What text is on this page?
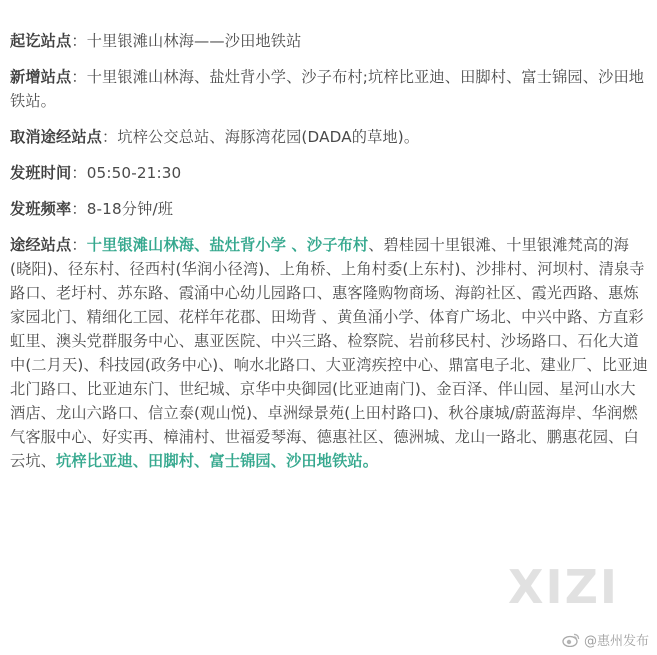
起讫站点：十里银滩山林海——沙田地铁站
新增站点：十里银滩山林海、盐灶背小学、沙子布村;坑梓比亚迪、田脚村、富士锦园、沙田地铁站。
取消途经站点：坑梓公交总站、海豚湾花园(DADA的草地)。
发班时间：05:50-21:30
发班频率：8-18分钟/班
途经站点：十里银滩山林海、盐灶背小学 、沙子布村、碧桂园十里银滩、十里银滩梵高的海(晓阳)、径东村、径西村(华润小径湾)、上角桥、上角村委(上东村)、沙排村、河坝村、清泉寺路口、老圩村、苏东路、霞涌中心幼儿园路口、惠客隆购物商场、海韵社区、霞光西路、惠炼家园北门、精细化工园、花样年花郡、田坳背 、黄鱼涌小学、体育广场北、中兴中路、方直彩虹里、澳头党群服务中心、惠亚医院、中兴三路、检察院、岩前移民村、沙场路口、石化大道中(二月天)、科技园(政务中心)、响水北路口、大亚湾疾控中心、鼎富电子北、建业厂、比亚迪北门路口、比亚迪东门、世纪城、京华中央御园(比亚迪南门)、金百泽、伴山园、星河山水大酒店、龙山六路口、信立泰(观山悦)、卓洲绿景苑(上田村路口)、秋谷康城/蔚蓝海岸、华润燃气客服中心、好实再、樟浦村、世福爱琴海、德惠社区、德洲城、龙山一路北、鹏惠花园、白云坑、坑梓比亚迪、田脚村、富士锦园、沙田地铁站。
XIZI
@惠州发布
